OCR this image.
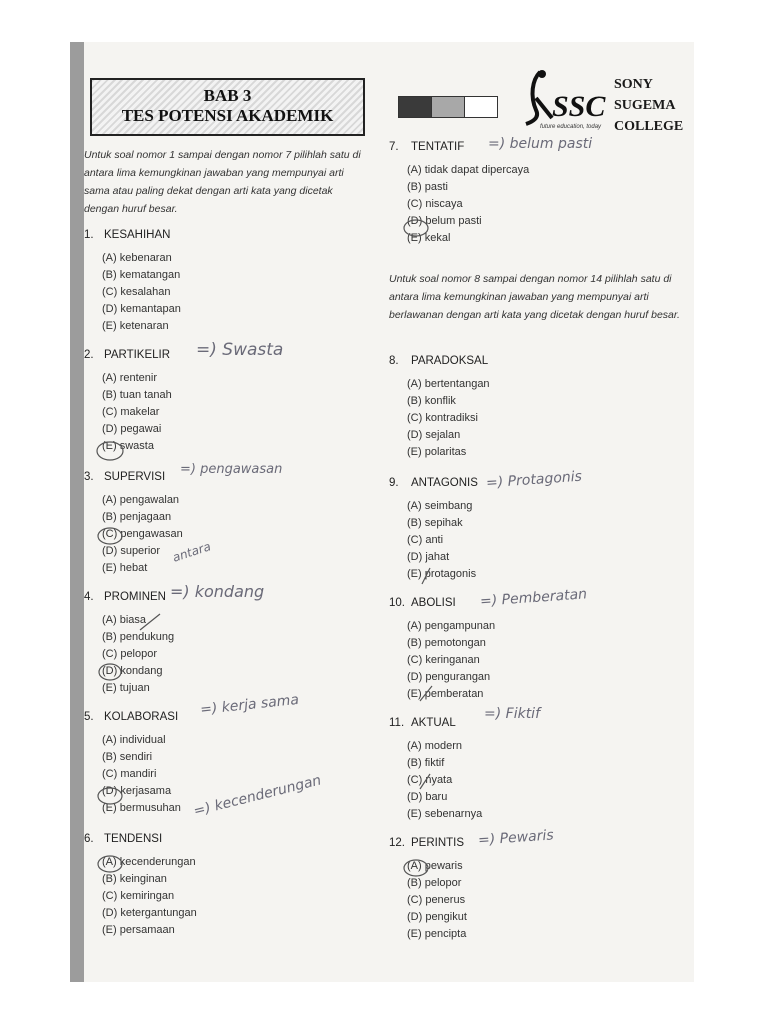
BAB 3
TES POTENSI AKADEMIK	SSC
future education, today
SONY
SUGEMA
COLLEGE
Untuk soal nomor 1 sampai dengan nomor 7 pilihlah satu di antara lima kemungkinan jawaban yang mempunyai arti sama atau paling dekat dengan arti kata yang dicetak dengan huruf besar.
Untuk soal nomor 8 sampai dengan nomor 14 pilihlah satu di antara lima kemungkinan jawaban yang mempunyai arti berlawanan dengan arti kata yang dicetak dengan huruf besar.
1. KESAHIHAN
(A) kebenaran
(B) kematangan
(C) kesalahan
(D) kemantapan
(E) ketenaran
2. PARTIKELIR
(A) rentenir
(B) tuan tanah
(C) makelar
(D) pegawai
(E) swasta
3. SUPERVISI
(A) pengawalan
(B) penjagaan
(C) pengawasan
(D) superior
(E) hebat
4. PROMINEN
(A) biasa
(B) pendukung
(C) pelopor
(D) kondang
(E) tujuan
5. KOLABORASI
(A) individual
(B) sendiri
(C) mandiri
(D) kerjasama
(E) bermusuhan
6. TENDENSI
(A) kecenderungan
(B) keinginan
(C) kemiringan
(D) ketergantungan
(E) persamaan
7. TENTATIF
(A) tidak dapat dipercaya
(B) pasti
(C) niscaya
(D) belum pasti
(E) kekal
8. PARADOKSAL
(A) bertentangan
(B) konflik
(C) kontradiksi
(D) sejalan
(E) polaritas
9. ANTAGONIS
(A) seimbang
(B) sepihak
(C) anti
(D) jahat
(E) protagonis
10. ABOLISI
(A) pengampunan
(B) pemotongan
(C) keringanan
(D) pengurangan
(E) pemberatan
11. AKTUAL
(A) modern
(B) fiktif
(C) nyata
(D) baru
(E) sebenarnya
12. PERINTIS
(A) pewaris
(B) pelopor
(C) penerus
(D) pengikut
(E) pencipta
=) Swasta
=) pengawasan
antara
=) kondang
=) kerja sama
=) kecenderungan
=) belum pasti
=) Protagonis
=) Pemberatan
=) Fiktif
=) Pewaris
